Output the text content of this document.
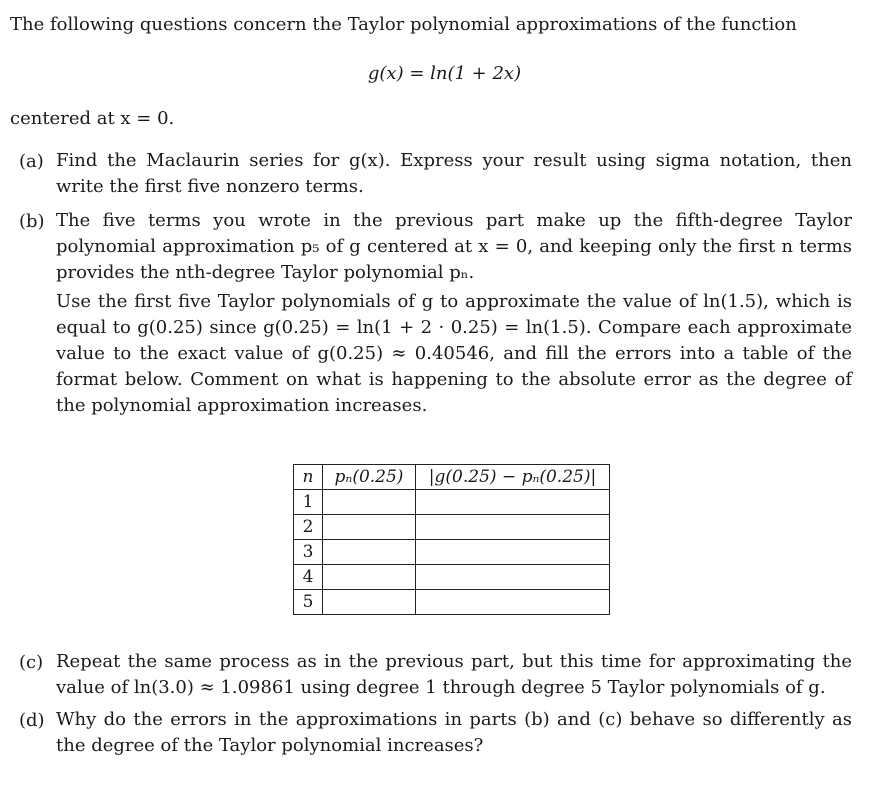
The following questions concern the Taylor polynomial approximations of the function
g(x) = ln(1 + 2x)
centered at x = 0.
(a) Find the Maclaurin series for g(x). Express your result using sigma notation, then write the first five nonzero terms.
(b) The five terms you wrote in the previous part make up the fifth-degree Taylor polynomial approximation p₅ of g centered at x = 0, and keeping only the first n terms provides the nth-degree Taylor polynomial pₙ.
Use the first five Taylor polynomials of g to approximate the value of ln(1.5), which is equal to g(0.25) since g(0.25) = ln(1 + 2 · 0.25) = ln(1.5). Compare each approximate value to the exact value of g(0.25) ≈ 0.40546, and fill the errors into a table of the format below. Comment on what is happening to the absolute error as the degree of the polynomial approximation increases.
n	pₙ(0.25)	|g(0.25) − pₙ(0.25)|
1		
2		
3		
4		
5		
(c) Repeat the same process as in the previous part, but this time for approximating the value of ln(3.0) ≈ 1.09861 using degree 1 through degree 5 Taylor polynomials of g.
(d) Why do the errors in the approximations in parts (b) and (c) behave so differently as the degree of the Taylor polynomial increases?
